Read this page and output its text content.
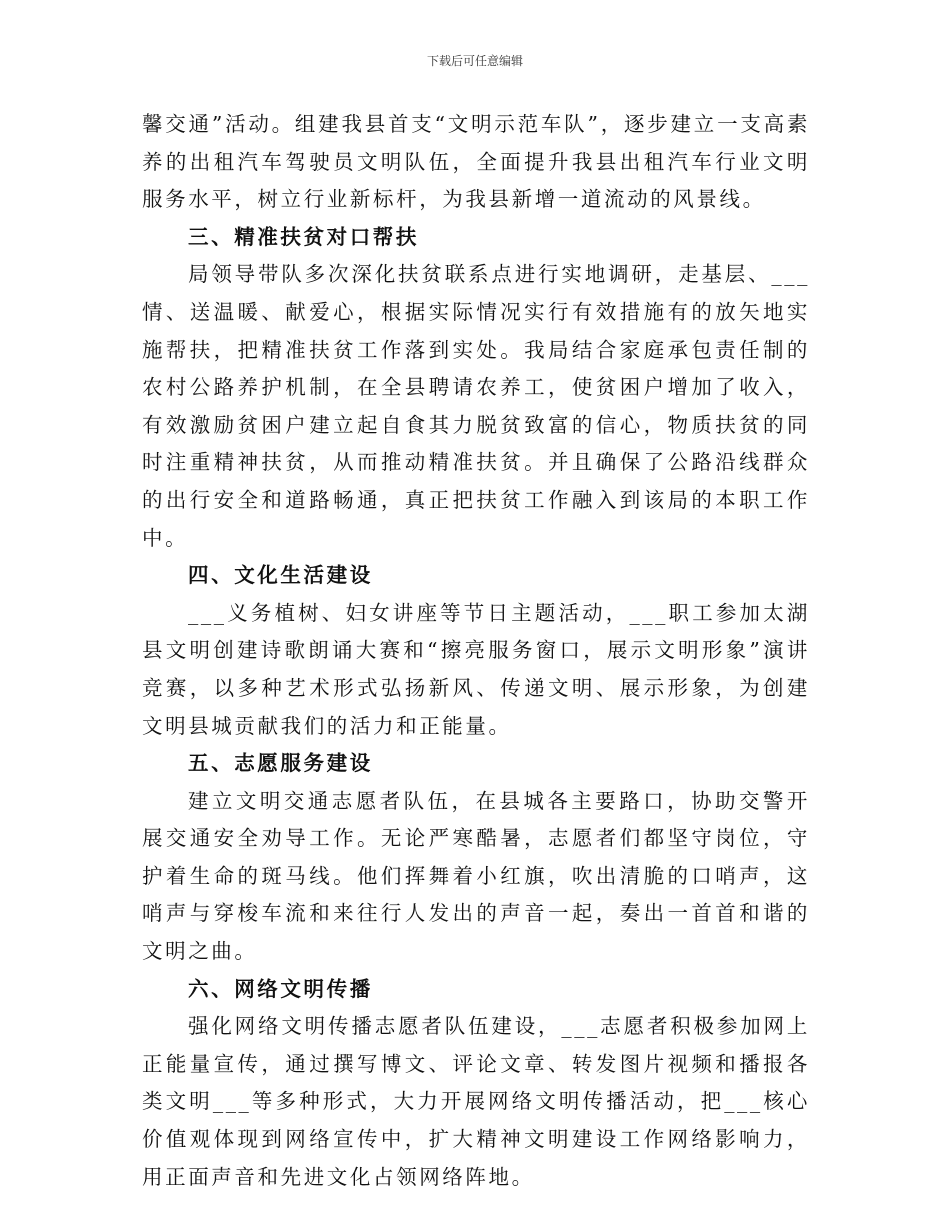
下载后可任意编辑

馨交通”活动。组建我县首支“文明示范车队”，逐步建立一支高素养的出租汽车驾驶员文明队伍，全面提升我县出租汽车行业文明服务水平，树立行业新标杆，为我县新增一道流动的风景线。

三、精准扶贫对口帮扶

局领导带队多次深化扶贫联系点进行实地调研，走基层、___情、送温暖、献爱心，根据实际情况实行有效措施有的放矢地实施帮扶，把精准扶贫工作落到实处。我局结合家庭承包责任制的农村公路养护机制，在全县聘请农养工，使贫困户增加了收入，有效激励贫困户建立起自食其力脱贫致富的信心，物质扶贫的同时注重精神扶贫，从而推动精准扶贫。并且确保了公路沿线群众的出行安全和道路畅通，真正把扶贫工作融入到该局的本职工作中。

四、文化生活建设

___义务植树、妇女讲座等节日主题活动，___职工参加太湖县文明创建诗歌朗诵大赛和“擦亮服务窗口，展示文明形象”演讲竞赛，以多种艺术形式弘扬新风、传递文明、展示形象，为创建文明县城贡献我们的活力和正能量。

五、志愿服务建设

建立文明交通志愿者队伍，在县城各主要路口，协助交警开展交通安全劝导工作。无论严寒酷暑，志愿者们都坚守岗位，守护着生命的斑马线。他们挥舞着小红旗，吹出清脆的口哨声，这哨声与穿梭车流和来往行人发出的声音一起，奏出一首首和谐的文明之曲。

六、网络文明传播

强化网络文明传播志愿者队伍建设，___志愿者积极参加网上正能量宣传，通过撰写博文、评论文章、转发图片视频和播报各类文明___等多种形式，大力开展网络文明传播活动，把___核心价值观体现到网络宣传中，扩大精神文明建设工作网络影响力，用正面声音和先进文化占领网络阵地。
